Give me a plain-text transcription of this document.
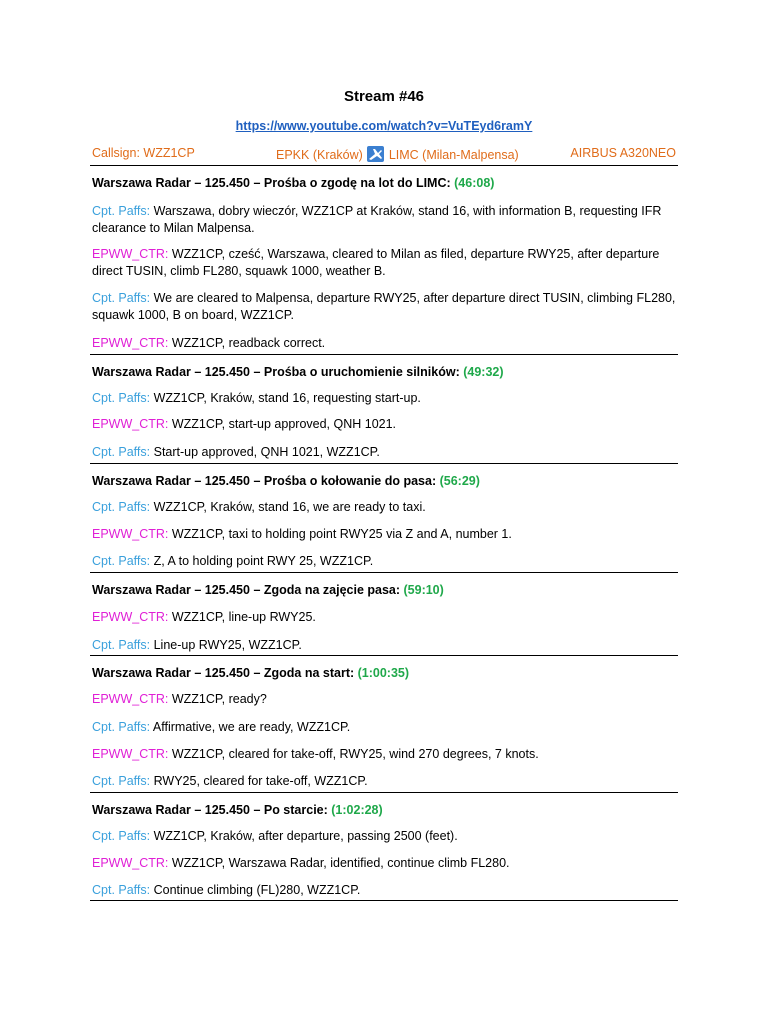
Stream #46
https://www.youtube.com/watch?v=VuTEyd6ramY
Callsign: WZZ1CP	EPKK (Kraków) LIMC (Milan-Malpensa)	AIRBUS A320NEO
Warszawa Radar – 125.450 – Prośba o zgodę na lot do LIMC: (46:08)
Cpt. Paffs: Warszawa, dobry wieczór, WZZ1CP at Kraków, stand 16, with information B, requesting IFR clearance to Milan Malpensa.
EPWW_CTR: WZZ1CP, cześć, Warszawa, cleared to Milan as filed, departure RWY25, after departure direct TUSIN, climb FL280, squawk 1000, weather B.
Cpt. Paffs: We are cleared to Malpensa, departure RWY25, after departure direct TUSIN, climbing FL280, squawk 1000, B on board, WZZ1CP.
EPWW_CTR: WZZ1CP, readback correct.
Warszawa Radar – 125.450 – Prośba o uruchomienie silników: (49:32)
Cpt. Paffs: WZZ1CP, Kraków, stand 16, requesting start-up.
EPWW_CTR: WZZ1CP, start-up approved, QNH 1021.
Cpt. Paffs: Start-up approved, QNH 1021, WZZ1CP.
Warszawa Radar – 125.450 – Prośba o kołowanie do pasa: (56:29)
Cpt. Paffs: WZZ1CP, Kraków, stand 16, we are ready to taxi.
EPWW_CTR: WZZ1CP, taxi to holding point RWY25 via Z and A, number 1.
Cpt. Paffs: Z, A to holding point RWY 25, WZZ1CP.
Warszawa Radar – 125.450 – Zgoda na zajęcie pasa: (59:10)
EPWW_CTR: WZZ1CP, line-up RWY25.
Cpt. Paffs: Line-up RWY25, WZZ1CP.
Warszawa Radar – 125.450 – Zgoda na start: (1:00:35)
EPWW_CTR: WZZ1CP, ready?
Cpt. Paffs: Affirmative, we are ready, WZZ1CP.
EPWW_CTR: WZZ1CP, cleared for take-off, RWY25, wind 270 degrees, 7 knots.
Cpt. Paffs: RWY25, cleared for take-off, WZZ1CP.
Warszawa Radar – 125.450 – Po starcie: (1:02:28)
Cpt. Paffs: WZZ1CP, Kraków, after departure, passing 2500 (feet).
EPWW_CTR: WZZ1CP, Warszawa Radar, identified, continue climb FL280.
Cpt. Paffs: Continue climbing (FL)280, WZZ1CP.
